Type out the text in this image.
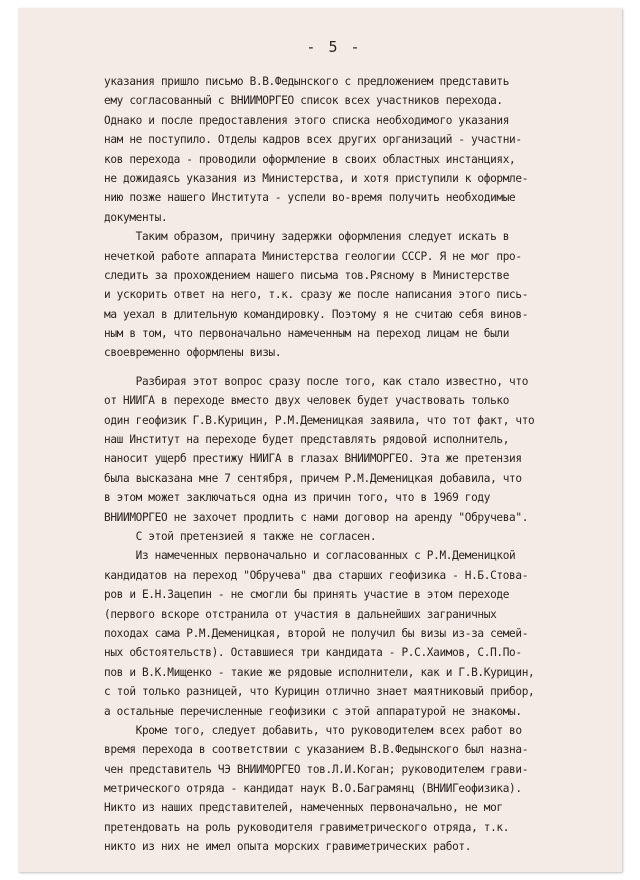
- 5 -
указания пришло письмо В.В.Федынского с предложением представить
ему согласованный с ВНИИМОРГЕО список всех участников перехода.
Однако и после предоставления этого списка необходимого указания
нам не поступило. Отделы кадров всех других организаций - участни-
ков перехода - проводили оформление в своих областных инстанциях,
не дожидаясь указания из Министерства, и хотя приступили к оформле-
нию позже нашего Института - успели во-время получить необходимые
документы.
Таким образом, причину задержки оформления следует искать в
нечеткой работе аппарата Министерства геологии СССР. Я не мог про-
следить за прохождением нашего письма тов.Рясному в Министерстве
и ускорить ответ на него, т.к. сразу же после написания этого пись-
ма уехал в длительную командировку. Поэтому я не считаю себя винов-
ным в том, что первоначально намеченным на переход лицам не были
своевременно оформлены визы.
Разбирая этот вопрос сразу после того, как стало известно, что
от НИИГА в переходе вместо двух человек будет участвовать только
один геофизик Г.В.Курицин, Р.М.Деменицкая заявила, что тот факт, что
наш Институт на переходе будет представлять рядовой исполнитель,
наносит ущерб престижу НИИГА в глазах ВНИИМОРГЕО. Эта же претензия
была высказана мне 7 сентября, причем Р.М.Деменицкая добавила, что
в этом может заключаться одна из причин того, что в 1969 году
ВНИИМОРГЕО не захочет продлить с нами договор на аренду "Обручева".
С этой претензией я также не согласен.
Из намеченных первоначально и согласованных с Р.М.Деменицкой
кандидатов на переход "Обручева" два старших геофизика - Н.Б.Стова-
ров и Е.Н.Зацепин - не смогли бы принять участие в этом переходе
(первого вскоре отстранила от участия в дальнейших заграничных
походах сама Р.М.Деменицкая, второй не получил бы визы из-за семей-
ных обстоятельств). Оставшиеся три кандидата - Р.С.Хаимов, С.П.По-
пов и В.К.Мищенко - такие же рядовые исполнители, как и Г.В.Курицин,
с той только разницей, что Курицин отлично знает маятниковый прибор,
а остальные перечисленные геофизики с этой аппаратурой не знакомы.
Кроме того, следует добавить, что руководителем всех работ во
время перехода в соответствии с указанием В.В.Федынского был назна-
чен представитель ЧЭ ВНИИМОРГЕО тов.Л.И.Коган; руководителем грави-
метрического отряда - кандидат наук В.О.Баграмянц (ВНИИГеофизика).
Никто из наших представителей, намеченных первоначально, не мог
претендовать на роль руководителя гравиметрического отряда, т.к.
никто из них не имел опыта морских гравиметрических работ.
